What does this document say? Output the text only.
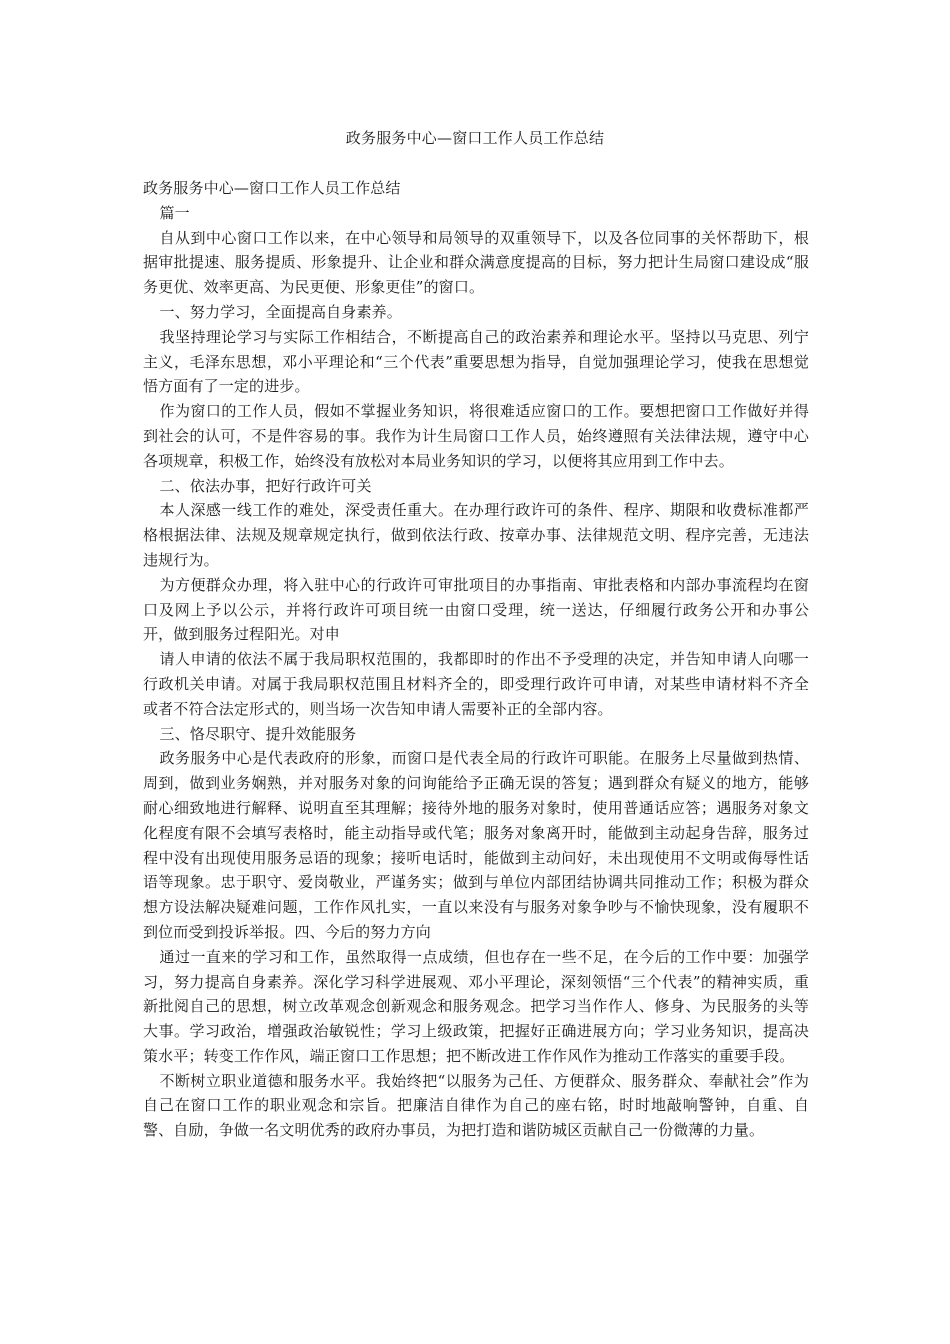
政务服务中心—窗口工作人员工作总结

政务服务中心—窗口工作人员工作总结

篇一

自从到中心窗口工作以来，在中心领导和局领导的双重领导下，以及各位同事的关怀帮助下，根据审批提速、服务提质、形象提升、让企业和群众满意度提高的目标，努力把计生局窗口建设成“服务更优、效率更高、为民更便、形象更佳”的窗口。

一、努力学习，全面提高自身素养。

我坚持理论学习与实际工作相结合，不断提高自己的政治素养和理论水平。坚持以马克思、列宁主义，毛泽东思想，邓小平理论和“三个代表”重要思想为指导，自觉加强理论学习，使我在思想觉悟方面有了一定的进步。

作为窗口的工作人员，假如不掌握业务知识，将很难适应窗口的工作。要想把窗口工作做好并得到社会的认可，不是件容易的事。我作为计生局窗口工作人员，始终遵照有关法律法规，遵守中心各项规章，积极工作，始终没有放松对本局业务知识的学习，以便将其应用到工作中去。

二、依法办事，把好行政许可关

本人深感一线工作的难处，深受责任重大。在办理行政许可的条件、程序、期限和收费标准都严格根据法律、法规及规章规定执行，做到依法行政、按章办事、法律规范文明、程序完善，无违法违规行为。

为方便群众办理，将入驻中心的行政许可审批项目的办事指南、审批表格和内部办事流程均在窗口及网上予以公示，并将行政许可项目统一由窗口受理，统一送达，仔细履行政务公开和办事公开，做到服务过程阳光。对申

请人申请的依法不属于我局职权范围的，我都即时的作出不予受理的决定，并告知申请人向哪一行政机关申请。对属于我局职权范围且材料齐全的，即受理行政许可申请，对某些申请材料不齐全或者不符合法定形式的，则当场一次告知申请人需要补正的全部内容。

三、恪尽职守、提升效能服务

政务服务中心是代表政府的形象，而窗口是代表全局的行政许可职能。在服务上尽量做到热情、周到，做到业务娴熟，并对服务对象的问询能给予正确无误的答复；遇到群众有疑义的地方，能够耐心细致地进行解释、说明直至其理解；接待外地的服务对象时，使用普通话应答；遇服务对象文化程度有限不会填写表格时，能主动指导或代笔；服务对象离开时，能做到主动起身告辞，服务过程中没有出现使用服务忌语的现象；接听电话时，能做到主动问好，未出现使用不文明或侮辱性话语等现象。忠于职守、爱岗敬业，严谨务实；做到与单位内部团结协调共同推动工作；积极为群众想方设法解决疑难问题，工作作风扎实，一直以来没有与服务对象争吵与不愉快现象，没有履职不到位而受到投诉举报。四、今后的努力方向

通过一直来的学习和工作，虽然取得一点成绩，但也存在一些不足，在今后的工作中要：加强学习，努力提高自身素养。深化学习科学进展观、邓小平理论，深刻领悟“三个代表”的精神实质，重新批阅自己的思想，树立改革观念创新观念和服务观念。把学习当作作人、修身、为民服务的头等大事。学习政治，增强政治敏锐性；学习上级政策，把握好正确进展方向；学习业务知识，提高决策水平；转变工作作风，端正窗口工作思想；把不断改进工作作风作为推动工作落实的重要手段。

不断树立职业道德和服务水平。我始终把“以服务为己任、方便群众、服务群众、奉献社会”作为自己在窗口工作的职业观念和宗旨。把廉洁自律作为自己的座右铭，时时地敲响警钟，自重、自警、自励，争做一名文明优秀的政府办事员，为把打造和谐防城区贡献自己一份微薄的力量。
